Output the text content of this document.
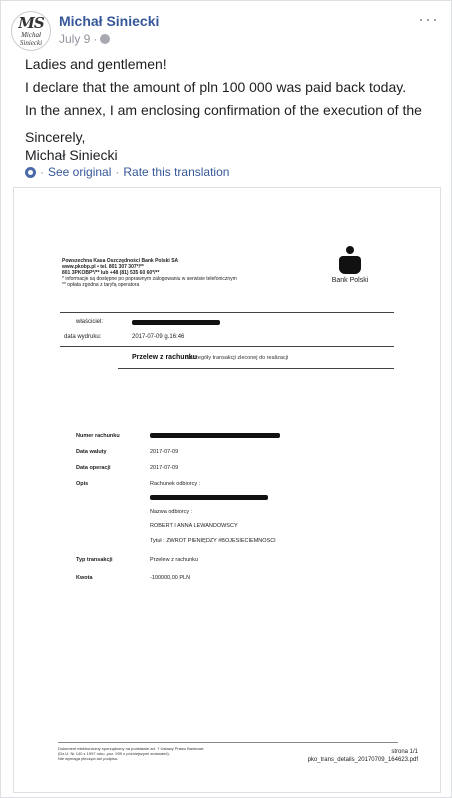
MS
Michał
Siniecki
Michał Siniecki
July 9 ·
···

Ladies and gentlemen!

I declare that the amount of pln 100 000 was paid back today.

In the annex, I am enclosing confirmation of the execution of the

Sincerely,

Michał Siniecki

· See original · Rate this translation
Powszechna Kasa Oszczędności Bank Polski SA
www.pkobp.pl • tel. 801 307 307*/**
801 3PKOBP*/** lub +48 (81) 535 60 60*/**
* informacje są dostępne po poprawnym zalogowaniu w serwisie telefonicznym
** opłata zgodna z taryfą operatora
Bank Polski
właściciel:
data wydruku:	2017-07-09 g.16:46
Przelew z rachunku
Szczegóły transakcji zleconej do realizacji
Numer rachunku
Data waluty	2017-07-09
Data operacji	2017-07-09
Opis	Rachunek odbiorcy :
Nazwa odbiorcy :
ROBERT I ANNA LEWANDOWSCY
Tytuł : ZWROT PIENIĘDZY #BOJESIECIEMNOSCI
Typ transakcji	Przelew z rachunku
Kwota	-100000,00 PLN
Dokument elektroniczny sporządzony na podstawie art. 7 Ustawy Prawo Bankowe
(Dz.U. Nr 140 z 1997 roku, poz. 939 z późniejszymi zmianami).
Nie wymaga pieczęci ani podpisu.
strona 1/1
pko_trans_details_20170709_164623.pdf
